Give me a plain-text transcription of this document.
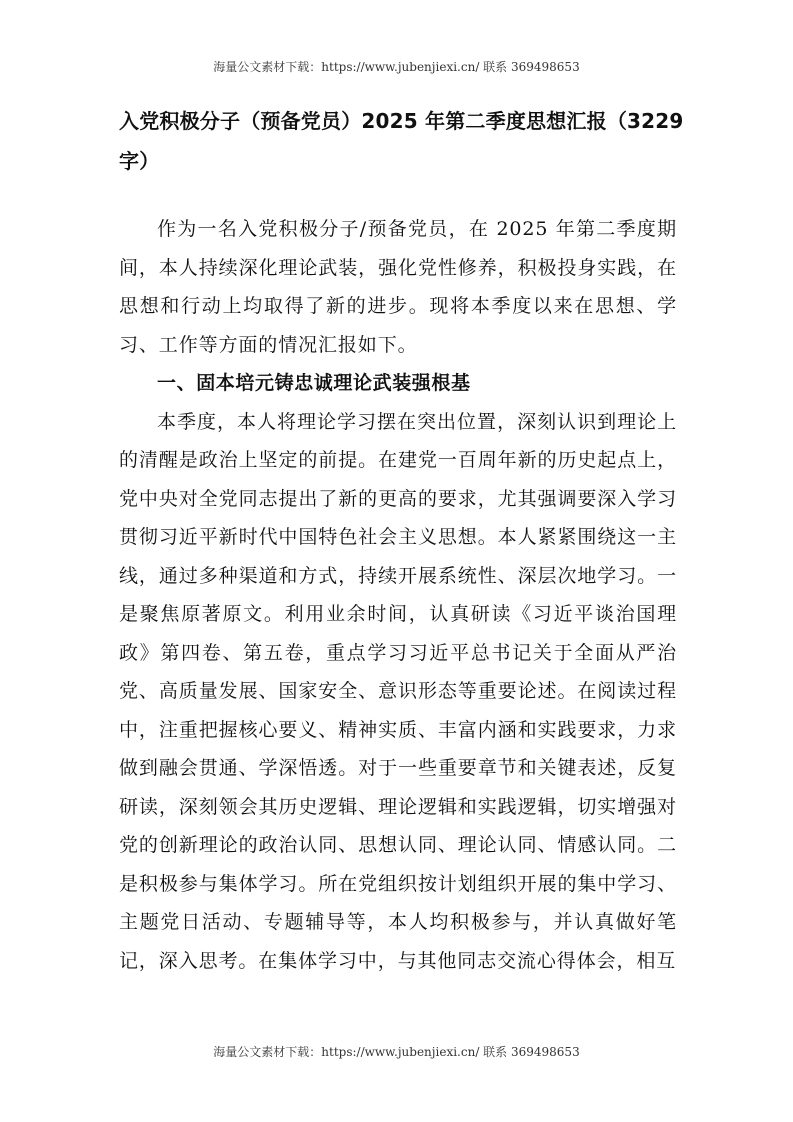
海量公文素材下载：https://www.jubenjiexi.cn/ 联系 369498653
入党积极分子（预备党员）2025 年第二季度思想汇报（3229 字）

作为一名入党积极分子/预备党员，在 2025 年第二季度期间，本人持续深化理论武装，强化党性修养，积极投身实践，在思想和行动上均取得了新的进步。现将本季度以来在思想、学习、工作等方面的情况汇报如下。

一、固本培元铸忠诚理论武装强根基

本季度，本人将理论学习摆在突出位置，深刻认识到理论上的清醒是政治上坚定的前提。在建党一百周年新的历史起点上，党中央对全党同志提出了新的更高的要求，尤其强调要深入学习贯彻习近平新时代中国特色社会主义思想。本人紧紧围绕这一主线，通过多种渠道和方式，持续开展系统性、深层次地学习。一是聚焦原著原文。利用业余时间，认真研读《习近平谈治国理政》第四卷、第五卷，重点学习习近平总书记关于全面从严治党、高质量发展、国家安全、意识形态等重要论述。在阅读过程中，注重把握核心要义、精神实质、丰富内涵和实践要求，力求做到融会贯通、学深悟透。对于一些重要章节和关键表述，反复研读，深刻领会其历史逻辑、理论逻辑和实践逻辑，切实增强对党的创新理论的政治认同、思想认同、理论认同、情感认同。二是积极参与集体学习。所在党组织按计划组织开展的集中学习、主题党日活动、专题辅导等，本人均积极参与，并认真做好笔记，深入思考。在集体学习中，与其他同志交流心得体会，相互

海量公文素材下载：https://www.jubenjiexi.cn/ 联系 369498653
